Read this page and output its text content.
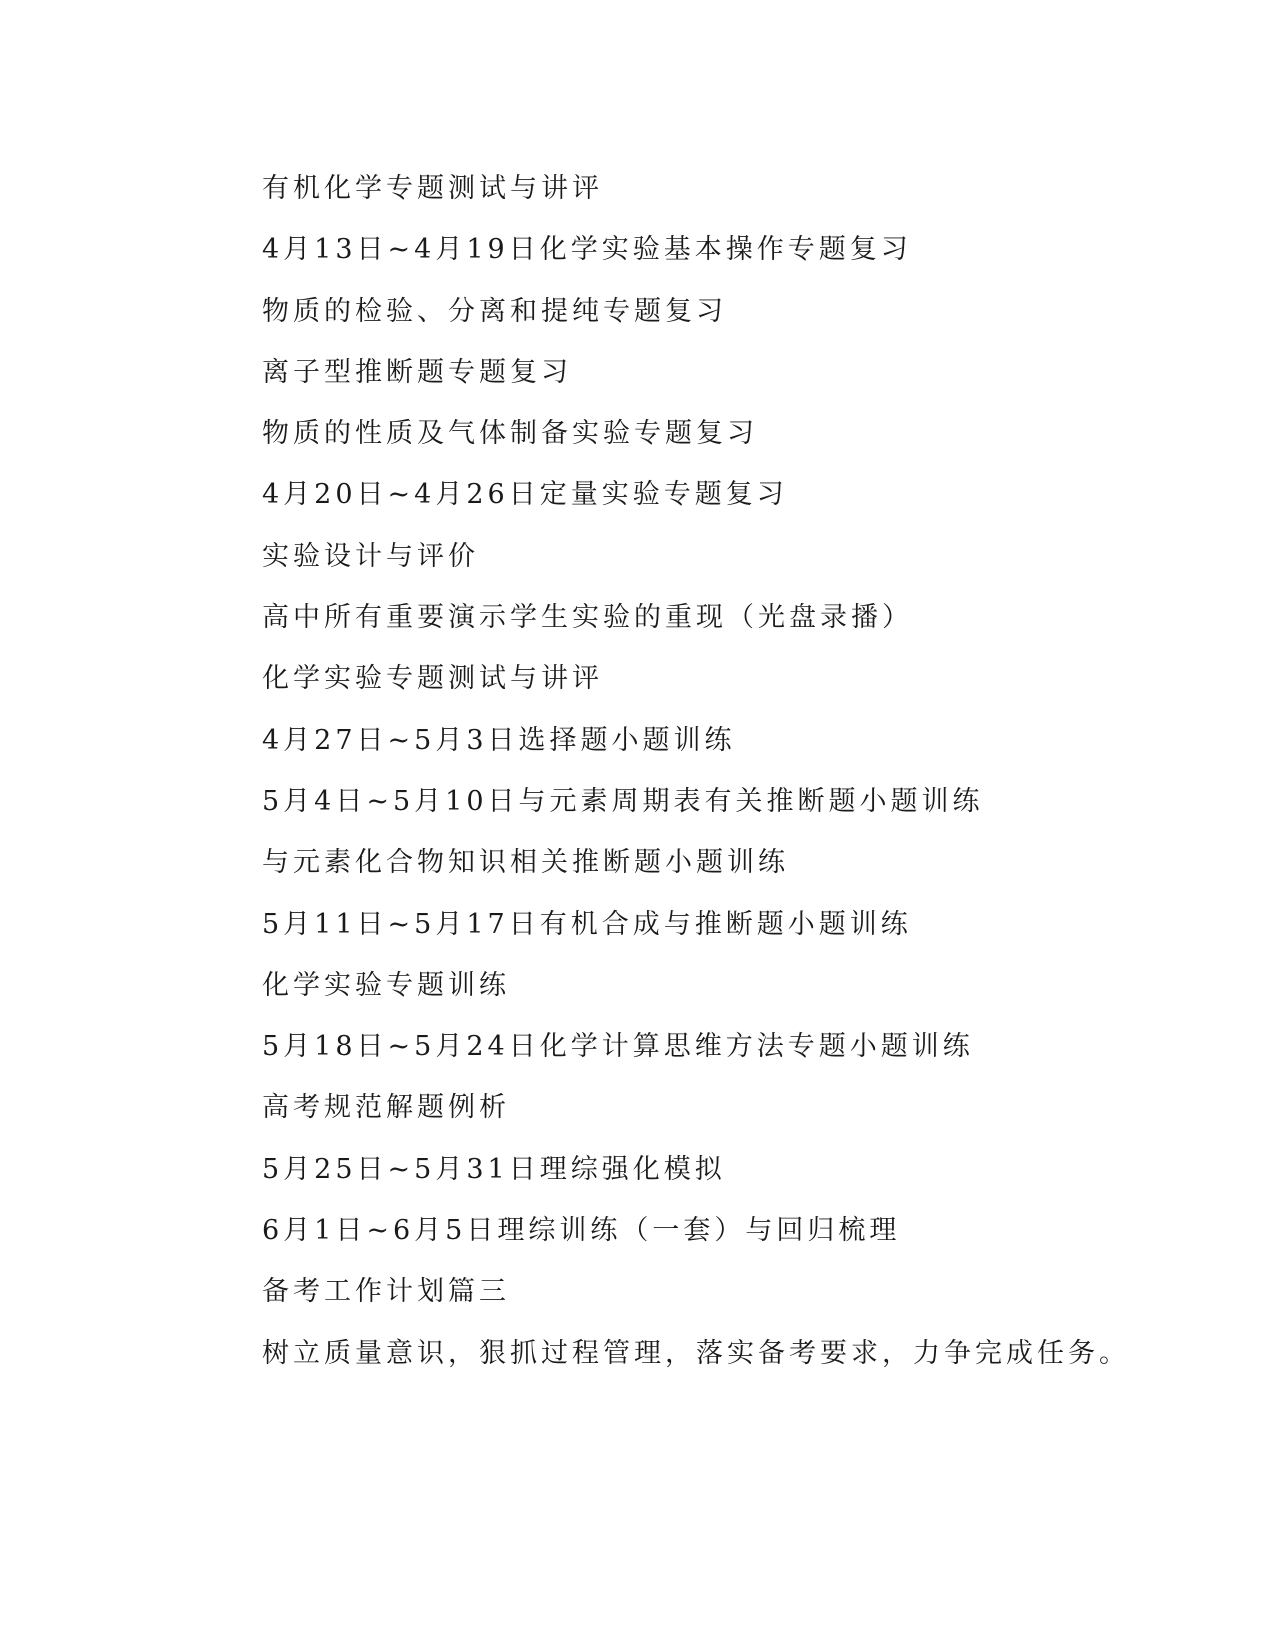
有机化学专题测试与讲评
4月13日~4月19日化学实验基本操作专题复习
物质的检验、分离和提纯专题复习
离子型推断题专题复习
物质的性质及气体制备实验专题复习
4月20日~4月26日定量实验专题复习
实验设计与评价
高中所有重要演示学生实验的重现（光盘录播）
化学实验专题测试与讲评
4月27日~5月3日选择题小题训练
5月4日~5月10日与元素周期表有关推断题小题训练
与元素化合物知识相关推断题小题训练
5月11日~5月17日有机合成与推断题小题训练
化学实验专题训练
5月18日~5月24日化学计算思维方法专题小题训练
高考规范解题例析
5月25日~5月31日理综强化模拟
6月1日~6月5日理综训练（一套）与回归梳理
备考工作计划篇三
树立质量意识，狠抓过程管理，落实备考要求，力争完成任务。
